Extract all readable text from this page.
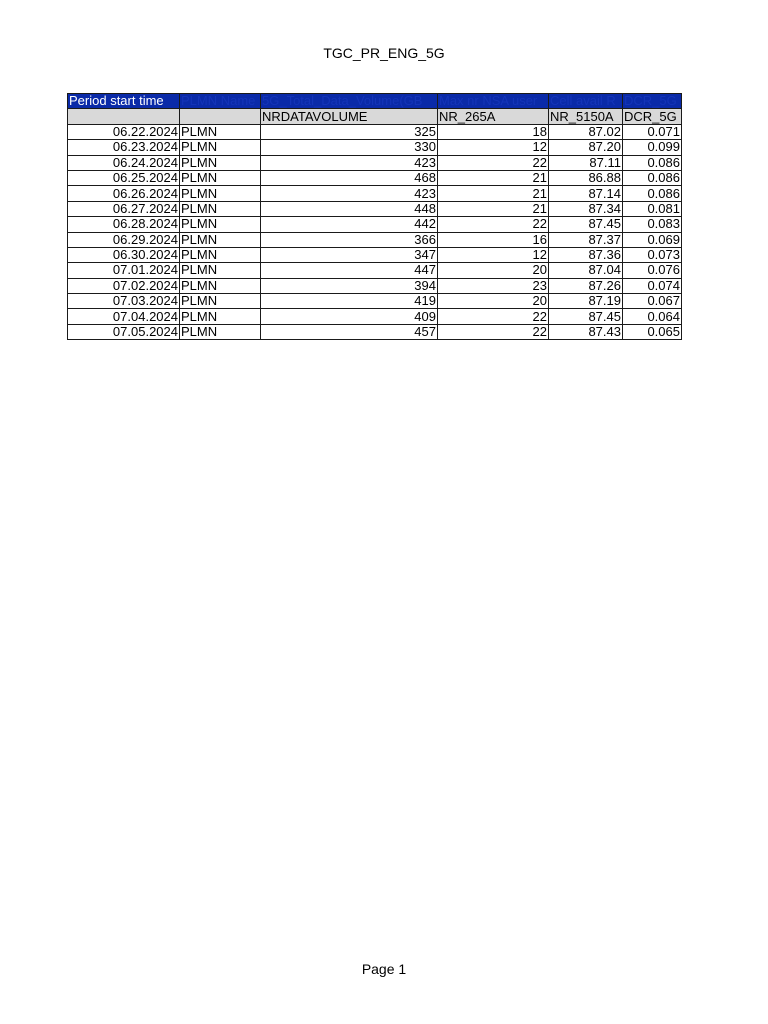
TGC_PR_ENG_5G
Period start time	PLMN Name	5G_Total_Data_Volume(GB	Max nr NSA user	Cell avail R	DCR_5G
		NRDATAVOLUME	NR_265A	NR_5150A	DCR_5G
06.22.2024	PLMN	325	18	87.02	0.071
06.23.2024	PLMN	330	12	87.20	0.099
06.24.2024	PLMN	423	22	87.11	0.086
06.25.2024	PLMN	468	21	86.88	0.086
06.26.2024	PLMN	423	21	87.14	0.086
06.27.2024	PLMN	448	21	87.34	0.081
06.28.2024	PLMN	442	22	87.45	0.083
06.29.2024	PLMN	366	16	87.37	0.069
06.30.2024	PLMN	347	12	87.36	0.073
07.01.2024	PLMN	447	20	87.04	0.076
07.02.2024	PLMN	394	23	87.26	0.074
07.03.2024	PLMN	419	20	87.19	0.067
07.04.2024	PLMN	409	22	87.45	0.064
07.05.2024	PLMN	457	22	87.43	0.065
Page 1
